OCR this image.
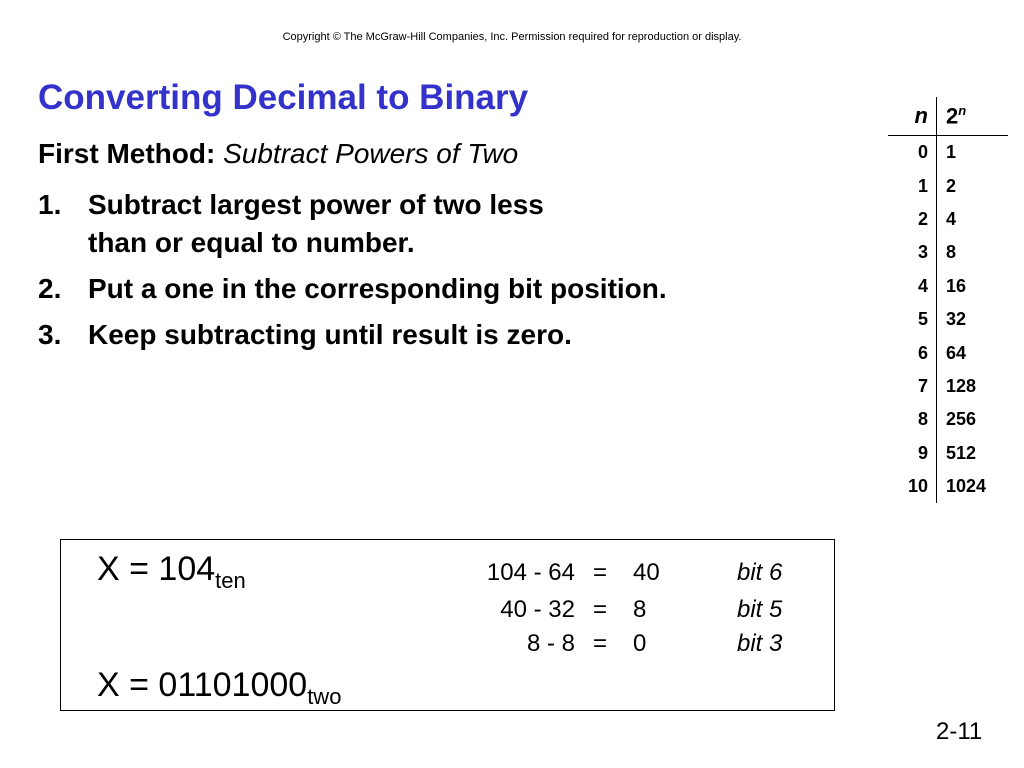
Copyright © The McGraw-Hill Companies, Inc. Permission required for reproduction or display.
Converting Decimal to Binary
First Method: Subtract Powers of Two
1. Subtract largest power of two less than or equal to number.
2. Put a one in the corresponding bit position.
3. Keep subtracting until result is zero.
n	2$^n$
0	1
1	2
2	4
3	8
4	16
5	32
6	64
7	128
8	256
9	512
10	1024
$X = 104_{ten}$
$X = 01101000_{two}$
104 - 64 = 40	bit 6
40 - 32 = 8	bit 5
8 - 8 = 0	bit 3
2-11
